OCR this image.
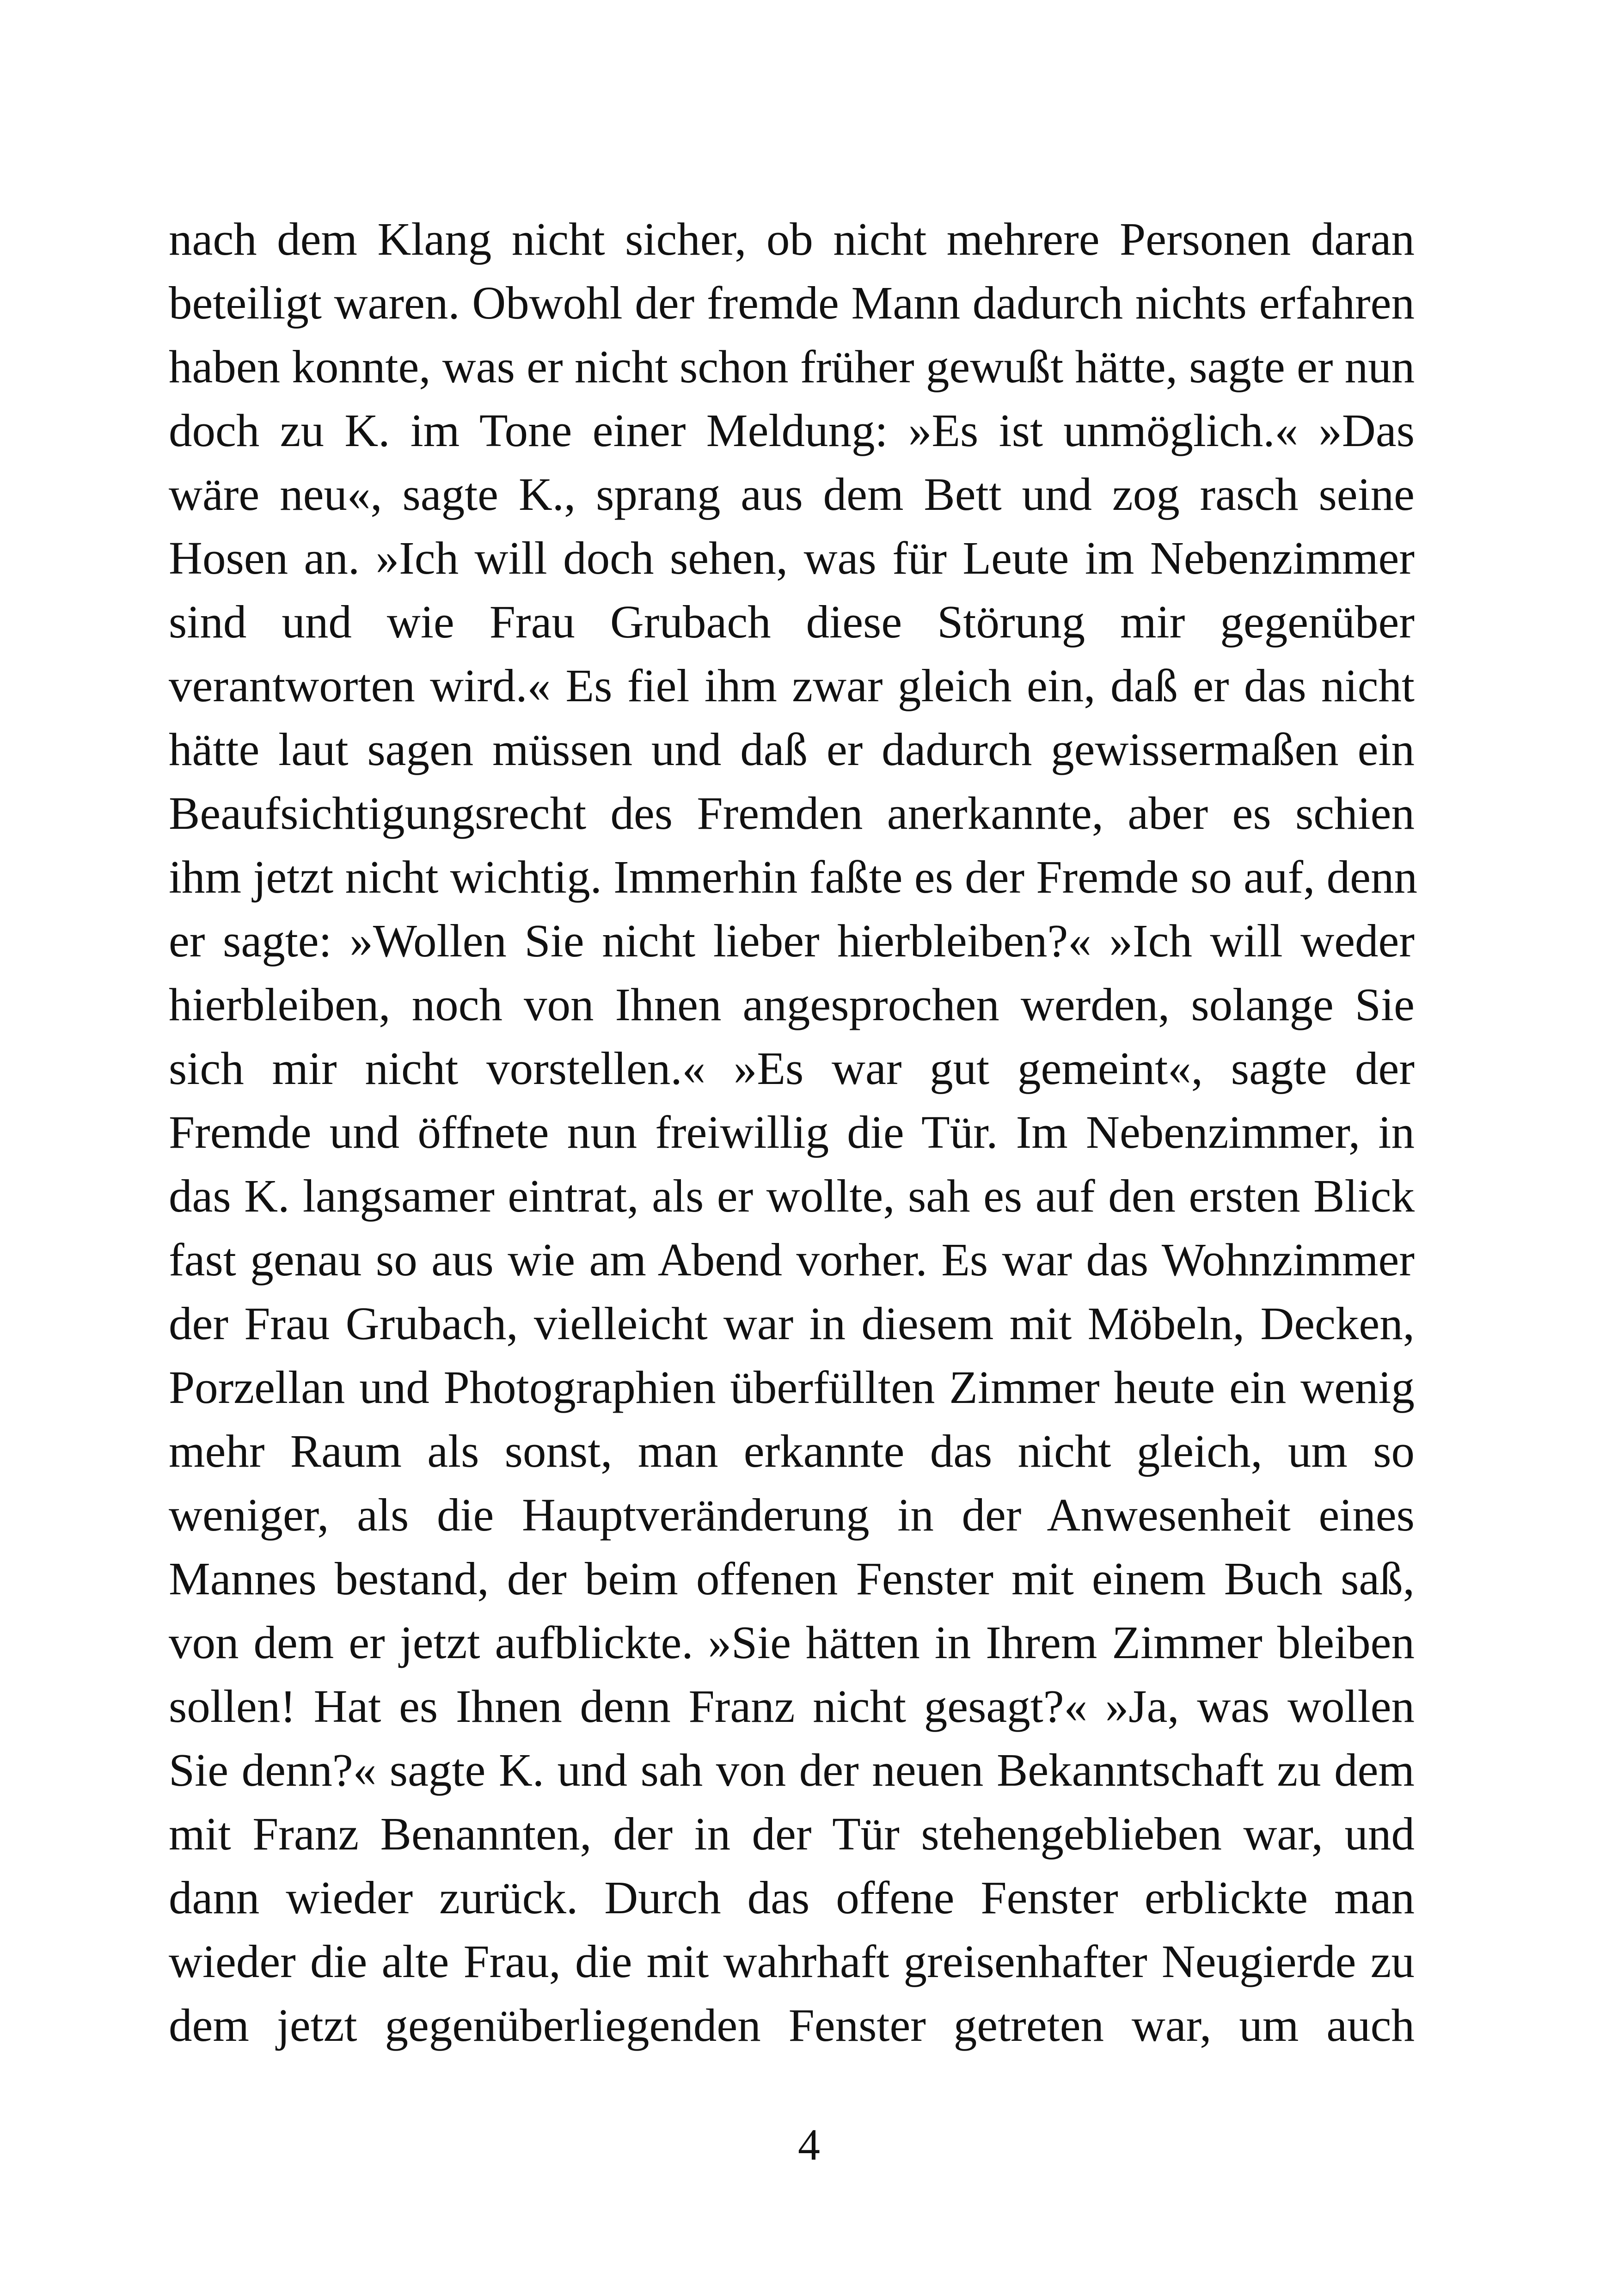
nach dem Klang nicht sicher, ob nicht mehrere Personen daran
beteiligt waren. Obwohl der fremde Mann dadurch nichts erfahren
haben konnte, was er nicht schon früher gewußt hätte, sagte er nun
doch zu K. im Tone einer Meldung: »Es ist unmöglich.« »Das
wäre neu«, sagte K., sprang aus dem Bett und zog rasch seine
Hosen an. »Ich will doch sehen, was für Leute im Nebenzimmer
sind und wie Frau Grubach diese Störung mir gegenüber
verantworten wird.« Es fiel ihm zwar gleich ein, daß er das nicht
hätte laut sagen müssen und daß er dadurch gewissermaßen ein
Beaufsichtigungsrecht des Fremden anerkannte, aber es schien
ihm jetzt nicht wichtig. Immerhin faßte es der Fremde so auf, denn
er sagte: »Wollen Sie nicht lieber hierbleiben?« »Ich will weder
hierbleiben, noch von Ihnen angesprochen werden, solange Sie
sich mir nicht vorstellen.« »Es war gut gemeint«, sagte der
Fremde und öffnete nun freiwillig die Tür. Im Nebenzimmer, in
das K. langsamer eintrat, als er wollte, sah es auf den ersten Blick
fast genau so aus wie am Abend vorher. Es war das Wohnzimmer
der Frau Grubach, vielleicht war in diesem mit Möbeln, Decken,
Porzellan und Photographien überfüllten Zimmer heute ein wenig
mehr Raum als sonst, man erkannte das nicht gleich, um so
weniger, als die Hauptveränderung in der Anwesenheit eines
Mannes bestand, der beim offenen Fenster mit einem Buch saß,
von dem er jetzt aufblickte. »Sie hätten in Ihrem Zimmer bleiben
sollen! Hat es Ihnen denn Franz nicht gesagt?« »Ja, was wollen
Sie denn?« sagte K. und sah von der neuen Bekanntschaft zu dem
mit Franz Benannten, der in der Tür stehengeblieben war, und
dann wieder zurück. Durch das offene Fenster erblickte man
wieder die alte Frau, die mit wahrhaft greisenhafter Neugierde zu
dem jetzt gegenüberliegenden Fenster getreten war, um auch
4
